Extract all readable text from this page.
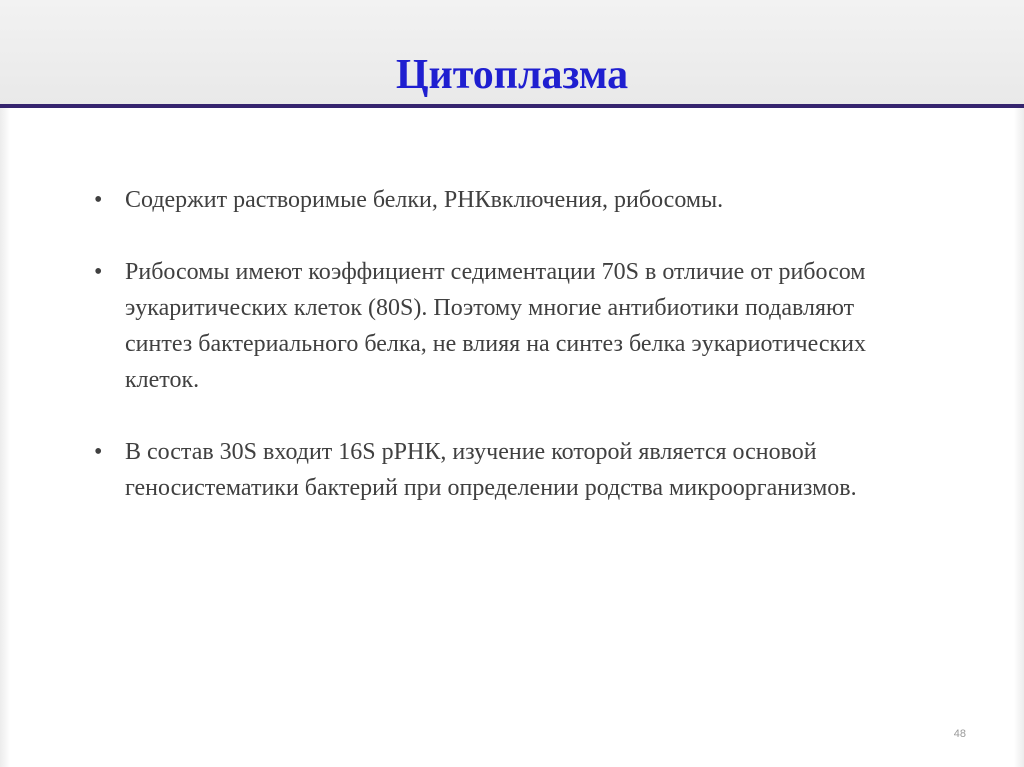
Цитоплазма
• Содержит растворимые белки, РНКвключения, рибосомы.
• Рибосомы имеют коэффициент седиментации 70S в отличие от рибосом эукаритических клеток (80S). Поэтому многие антибиотики подавляют синтез бактериального белка, не влияя на синтез белка эукариотических клеток.
• В состав 30S входит 16S рРНК, изучение которой является основой геносистематики бактерий при определении родства микроорганизмов.
48
